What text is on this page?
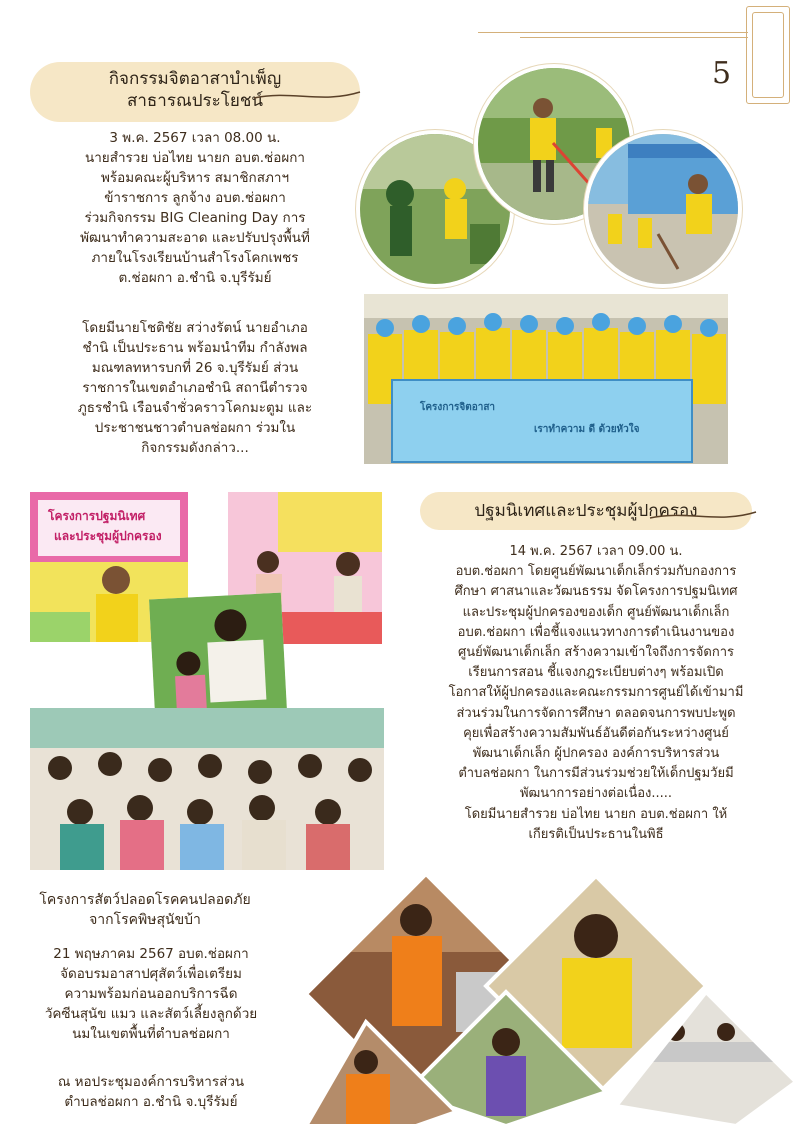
5
กิจกรรมจิตอาสาบำเพ็ญ
สาธารณประโยชน์
3 พ.ค. 2567 เวลา 08.00 น.
นายสำรวย บ่อไทย นายก อบต.ช่อผกา
พร้อมคณะผู้บริหาร สมาชิกสภาฯ
ข้าราชการ ลูกจ้าง อบต.ช่อผกา
ร่วมกิจกรรม BIG Cleaning Day การ
พัฒนาทำความสะอาด และปรับปรุงพื้นที่
ภายในโรงเรียนบ้านสำโรงโคกเพชร
ต.ช่อผกา อ.ชำนิ จ.บุรีรัมย์
โดยมีนายโชติชัย สว่างรัตน์ นายอำเภอ
ชำนิ เป็นประธาน พร้อมนำทีม กำลังพล
มณฑลทหารบกที่ 26 จ.บุรีรัมย์ ส่วน
ราชการในเขตอำเภอชำนิ สถานีตำรวจ
ภูธรชำนิ เรือนจำชั่วคราวโคกมะตูม และ
ประชาชนชาวตำบลช่อผกา ร่วมใน
กิจกรรมดังกล่าว...
โครงการจิตอาสา
เราทำความ ดี ด้วยหัวใจ
โครงการปฐมนิเทศ
และประชุมผู้ปกครอง
ปฐมนิเทศและประชุมผู้ปกครอง
14 พ.ค. 2567 เวลา 09.00 น.
อบต.ช่อผกา โดยศูนย์พัฒนาเด็กเล็กร่วมกับกองการ
ศึกษา ศาสนาและวัฒนธรรม จัดโครงการปฐมนิเทศ
และประชุมผู้ปกครองของเด็ก ศูนย์พัฒนาเด็กเล็ก
อบต.ช่อผกา เพื่อชี้แจงแนวทางการดำเนินงานของ
ศูนย์พัฒนาเด็กเล็ก สร้างความเข้าใจถึงการจัดการ
เรียนการสอน ชี้แจงกฎระเบียบต่างๆ พร้อมเปิด
โอกาสให้ผู้ปกครองและคณะกรรมการศูนย์ได้เข้ามามี
ส่วนร่วมในการจัดการศึกษา ตลอดจนการพบปะพูด
คุยเพื่อสร้างความสัมพันธ์อันดีต่อกันระหว่างศูนย์
พัฒนาเด็กเล็ก ผู้ปกครอง องค์การบริหารส่วน
ตำบลช่อผกา ในการมีส่วนร่วมช่วยให้เด็กปฐมวัยมี
พัฒนาการอย่างต่อเนื่อง.....
โดยมีนายสำรวย บ่อไทย นายก อบต.ช่อผกา ให้
เกียรติเป็นประธานในพิธี
โครงการสัตว์ปลอดโรคคนปลอดภัย
จากโรคพิษสุนัขบ้า
21 พฤษภาคม 2567 อบต.ช่อผกา
จัดอบรมอาสาปศุสัตว์เพื่อเตรียม
ความพร้อมก่อนออกบริการฉีด
วัคซีนสุนัข แมว และสัตว์เลี้ยงลูกด้วย
นมในเขตพื้นที่ตำบลช่อผกา
ณ หอประชุมองค์การบริหารส่วน
ตำบลช่อผกา อ.ชำนิ จ.บุรีรัมย์
